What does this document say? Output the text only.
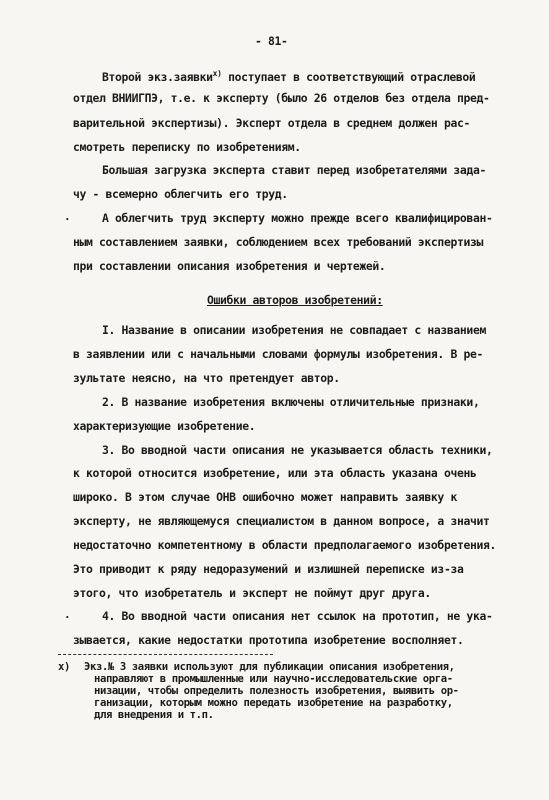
- 81-
Второй экз.заявки$^{x)}$ поступает в соответствующий отраслевой
отдел ВНИИГПЭ, т.е. к эксперту (было 26 отделов без отдела пред-
варительной экспертизы). Эксперт отдела в среднем должен рас-
смотреть переписку по изобретениям.
Большая загрузка эксперта ставит перед изобретателями зада-
чу - всемерно облегчить его труд.
.	А облегчить труд эксперту можно прежде всего квалифицирован-
ным составлением заявки, соблюдением всех требований экспертизы
при составлении описания изобретения и чертежей.
Ошибки авторов изобретений:
I. Название в описании изобретения не совпадает с названием
в заявлении или с начальными словами формулы изобретения. В ре-
зультате неясно, на что претендует автор.
2. В название изобретения включены отличительные признаки,
характеризующие изобретение.
3. Во вводной части описания не указывается область техники,
к которой относится изобретение, или эта область указана очень
широко. В этом случае ОНВ ошибочно может направить заявку к
эксперту, не являющемуся специалистом в данном вопросе, а значит
недостаточно компетентному в области предполагаемого изобретения.
Это приводит к ряду недоразумений и излишней переписке из-за
этого, что изобретатель и эксперт не поймут друг друга.
.	4. Во вводной части описания нет ссылок на прототип, не ука-
зывается, какие недостатки прототипа изобретение восполняет.
x) Экз.№ 3 заявки используют для публикации описания изобретения,
направляют в промышленные или научно-исследовательские орга-
низации, чтобы определить полезность изобретения, выявить ор-
ганизации, которым можно передать изобретение на разработку,
для внедрения и т.п.
